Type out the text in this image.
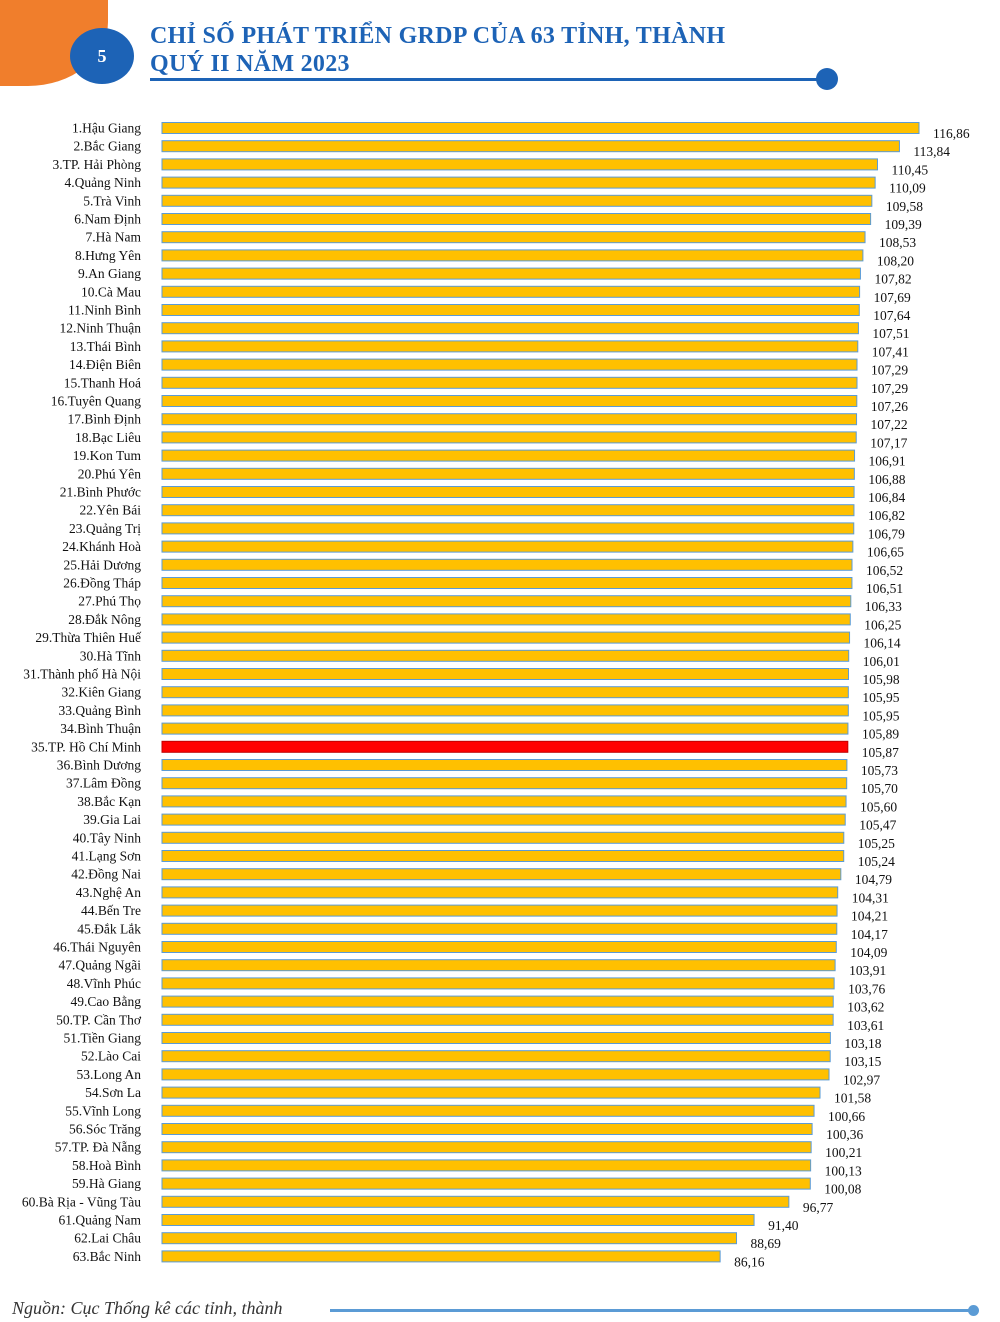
5
CHỈ SỐ PHÁT TRIỂN GRDP CỦA 63 TỈNH, THÀNH
QUÝ II NĂM 2023
1.Hậu Giang	116,86
2.Bắc Giang	113,84
3.TP. Hải Phòng	110,45
4.Quảng Ninh	110,09
5.Trà Vinh	109,58
6.Nam Định	109,39
7.Hà Nam	108,53
8.Hưng Yên	108,20
9.An Giang	107,82
10.Cà Mau	107,69
11.Ninh Bình	107,64
12.Ninh Thuận	107,51
13.Thái Bình	107,41
14.Điện Biên	107,29
15.Thanh Hoá	107,29
16.Tuyên Quang	107,26
17.Bình Định	107,22
18.Bạc Liêu	107,17
19.Kon Tum	106,91
20.Phú Yên	106,88
21.Bình Phước	106,84
22.Yên Bái	106,82
23.Quảng Trị	106,79
24.Khánh Hoà	106,65
25.Hải Dương	106,52
26.Đồng Tháp	106,51
27.Phú Thọ	106,33
28.Đắk Nông	106,25
29.Thừa Thiên Huế	106,14
30.Hà Tĩnh	106,01
31.Thành phố Hà Nội	105,98
32.Kiên Giang	105,95
33.Quảng Bình	105,95
34.Bình Thuận	105,89
35.TP. Hồ Chí Minh	105,87
36.Bình Dương	105,73
37.Lâm Đồng	105,70
38.Bắc Kạn	105,60
39.Gia Lai	105,47
40.Tây Ninh	105,25
41.Lạng Sơn	105,24
42.Đồng Nai	104,79
43.Nghệ An	104,31
44.Bến Tre	104,21
45.Đắk Lắk	104,17
46.Thái Nguyên	104,09
47.Quảng Ngãi	103,91
48.Vĩnh Phúc	103,76
49.Cao Bằng	103,62
50.TP. Cần Thơ	103,61
51.Tiền Giang	103,18
52.Lào Cai	103,15
53.Long An	102,97
54.Sơn La	101,58
55.Vĩnh Long	100,66
56.Sóc Trăng	100,36
57.TP. Đà Nẵng	100,21
58.Hoà Bình	100,13
59.Hà Giang	100,08
60.Bà Rịa - Vũng Tàu	96,77
61.Quảng Nam	91,40
62.Lai Châu	88,69
63.Bắc Ninh	86,16
Nguồn: Cục Thống kê các tỉnh, thành
